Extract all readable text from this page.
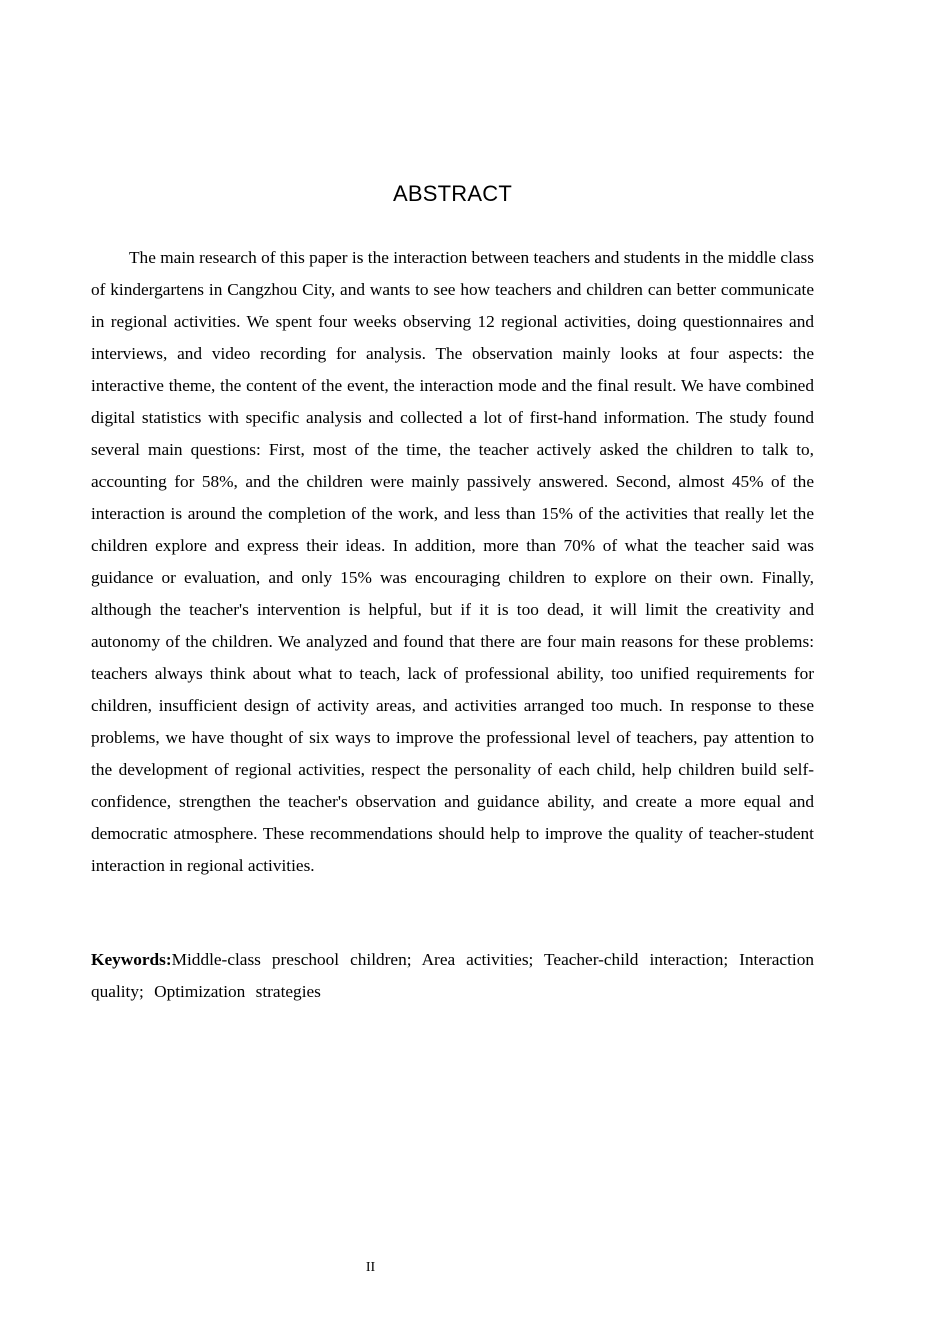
ABSTRACT

The main research of this paper is the interaction between teachers and students in the middle class of kindergartens in Cangzhou City, and wants to see how teachers and children can better communicate in regional activities. We spent four weeks observing 12 regional activities, doing questionnaires and interviews, and video recording for analysis. The observation mainly looks at four aspects: the interactive theme, the content of the event, the interaction mode and the final result. We have combined digital statistics with specific analysis and collected a lot of first-hand information. The study found several main questions: First, most of the time, the teacher actively asked the children to talk to, accounting for 58%, and the children were mainly passively answered. Second, almost 45% of the interaction is around the completion of the work, and less than 15% of the activities that really let the children explore and express their ideas. In addition, more than 70% of what the teacher said was guidance or evaluation, and only 15% was encouraging children to explore on their own. Finally, although the teacher's intervention is helpful, but if it is too dead, it will limit the creativity and autonomy of the children. We analyzed and found that there are four main reasons for these problems: teachers always think about what to teach, lack of professional ability, too unified requirements for children, insufficient design of activity areas, and activities arranged too much. In response to these problems, we have thought of six ways to improve the professional level of teachers, pay attention to the development of regional activities, respect the personality of each child, help children build self-confidence, strengthen the teacher's observation and guidance ability, and create a more equal and democratic atmosphere. These recommendations should help to improve the quality of teacher-student interaction in regional activities.

Keywords:Middle-class preschool children; Area activities; Teacher-child interaction; Interaction quality; Optimization strategies

II
